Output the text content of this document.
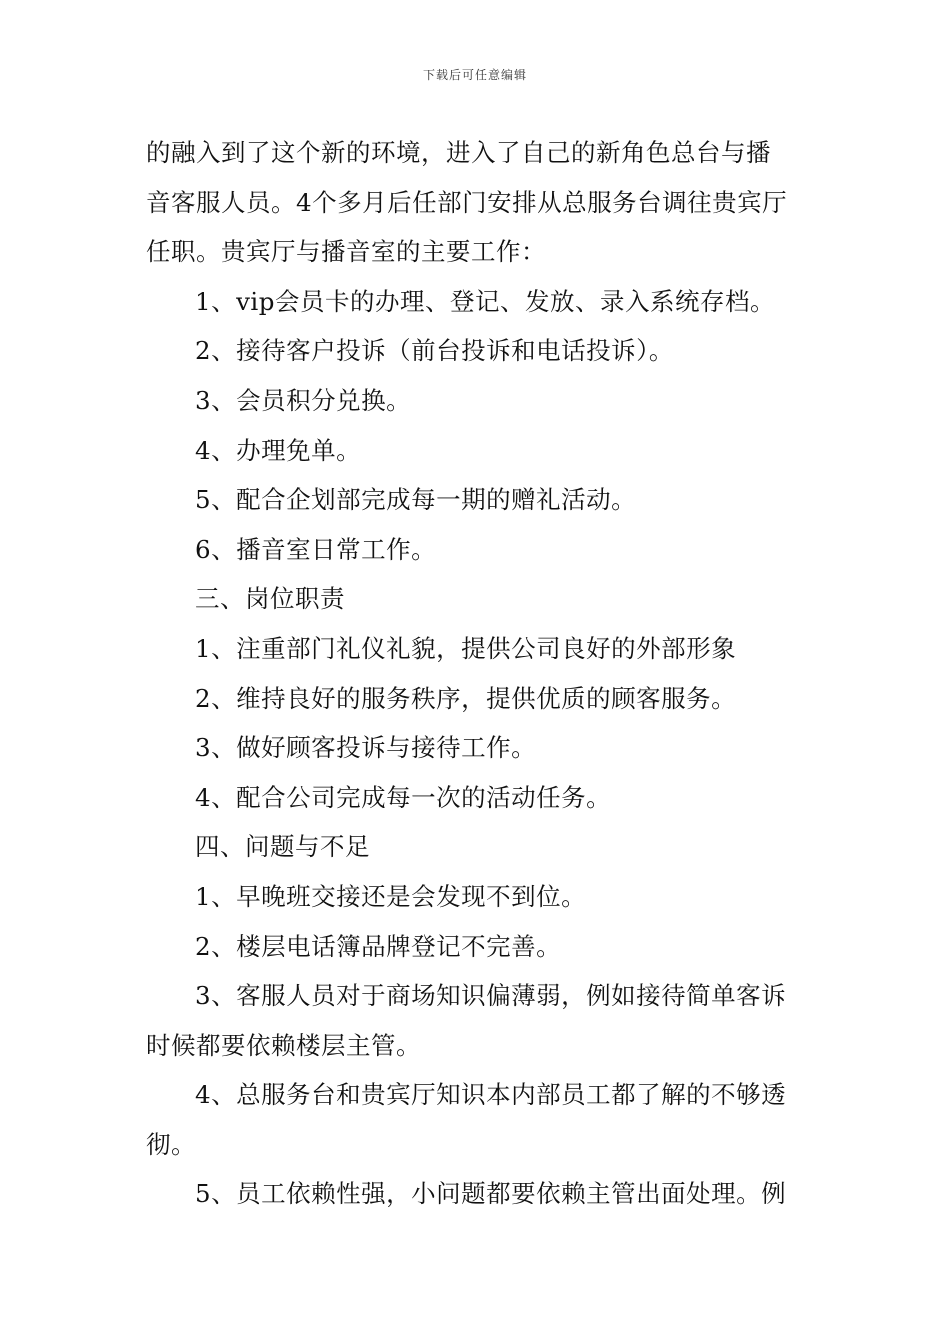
下载后可任意编辑
的融入到了这个新的环境，进入了自己的新角色总台与播
音客服人员。4个多月后任部门安排从总服务台调往贵宾厅
任职。贵宾厅与播音室的主要工作：
1、vip会员卡的办理、登记、发放、录入系统存档。
2、接待客户投诉（前台投诉和电话投诉）。
3、会员积分兑换。
4、办理免单。
5、配合企划部完成每一期的赠礼活动。
6、播音室日常工作。
三、岗位职责
1、注重部门礼仪礼貌，提供公司良好的外部形象
2、维持良好的服务秩序，提供优质的顾客服务。
3、做好顾客投诉与接待工作。
4、配合公司完成每一次的活动任务。
四、问题与不足
1、早晚班交接还是会发现不到位。
2、楼层电话簿品牌登记不完善。
3、客服人员对于商场知识偏薄弱，例如接待简单客诉
时候都要依赖楼层主管。
4、总服务台和贵宾厅知识本内部员工都了解的不够透
彻。
5、员工依赖性强，小问题都要依赖主管出面处理。例
